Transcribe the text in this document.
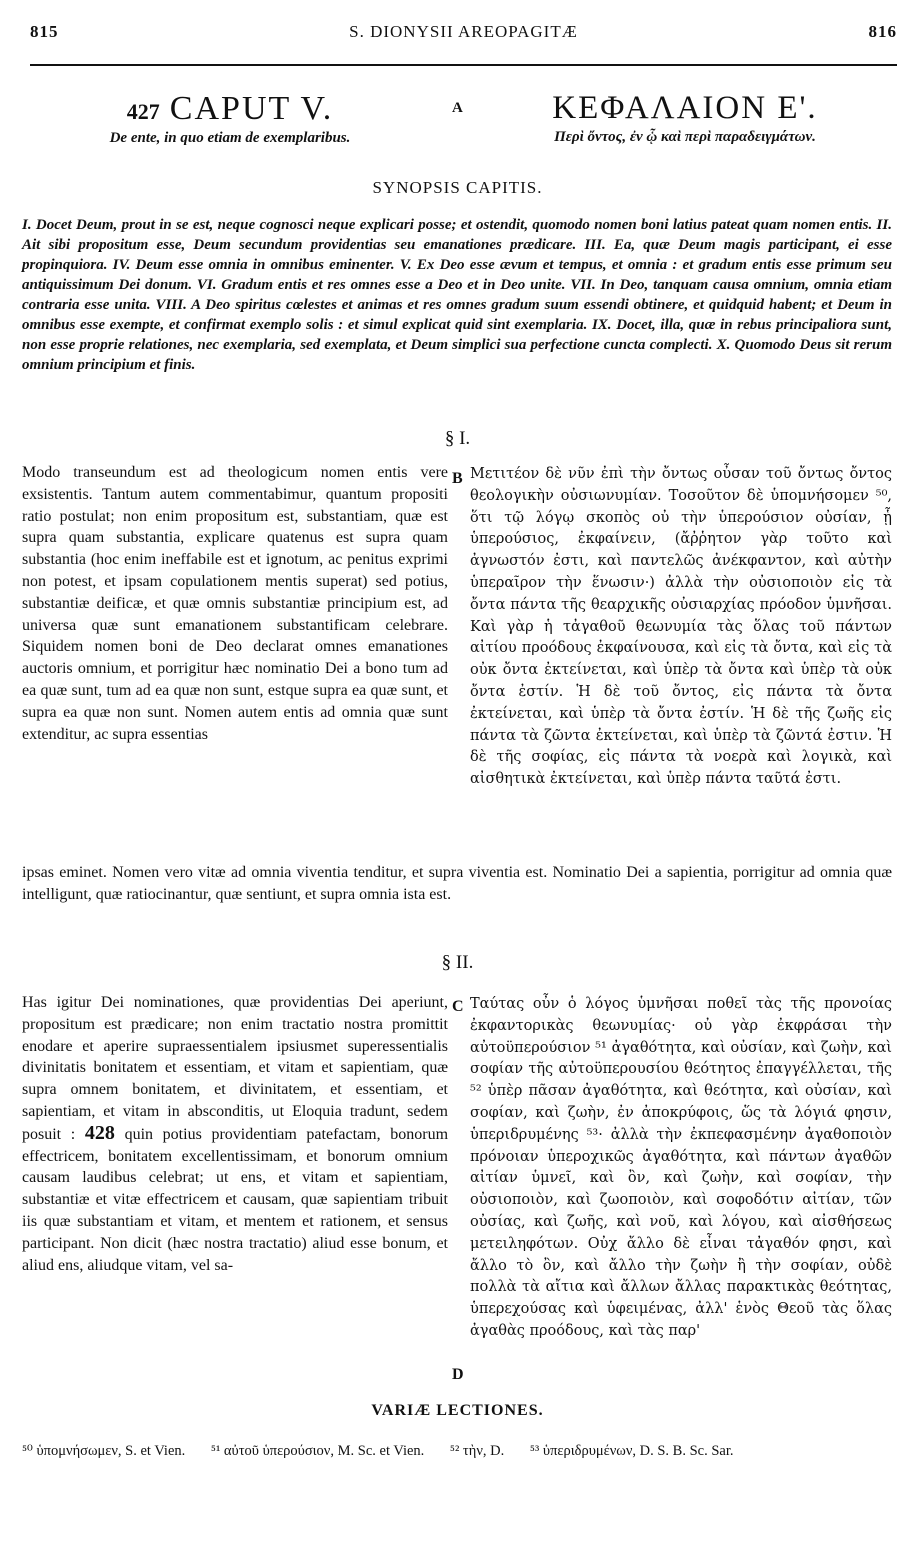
815	S. DIONYSII AREOPAGITÆ	816
427 CAPUT V.
De ente, in quo etiam de exemplaribus.
A	ΚΕΦΑΛΑΙΟΝ Ε'.
Περὶ ὄντος, ἐν ᾧ καὶ περὶ παραδειγμάτων.
SYNOPSIS CAPITIS.
I. Docet Deum, prout in se est, neque cognosci neque explicari posse; et ostendit, quomodo nomen boni latius pateat quam nomen entis. II. Ait sibi propositum esse, Deum secundum providentias seu emanationes prædicare. III. Ea, quæ Deum magis participant, ei esse propinquiora. IV. Deum esse omnia in omnibus eminenter. V. Ex Deo esse ævum et tempus, et omnia : et gradum entis esse primum seu antiquissimum Dei donum. VI. Gradum entis et res omnes esse a Deo et in Deo unite. VII. In Deo, tanquam causa omnium, omnia etiam contraria esse unita. VIII. A Deo spiritus cœlestes et animas et res omnes gradum suum essendi obtinere, et quidquid habent; et Deum in omnibus esse exempte, et confirmat exemplo solis : et simul explicat quid sint exemplaria. IX. Docet, illa, quæ in rebus principaliora sunt, non esse proprie relationes, nec exemplaria, sed exemplata, et Deum simplici sua perfectione cuncta complecti. X. Quomodo Deus sit rerum omnium principium et finis.
§ I.
Modo transeundum est ad theologicum nomen entis vere exsistentis. Tantum autem commentabimur, quantum propositi ratio postulat; non enim propositum est, substantiam, quæ est supra quam substantia, explicare quatenus est supra quam substantia (hoc enim ineffabile est et ignotum, ac penitus exprimi non potest, et ipsam copulationem mentis superat) sed potius, substantiæ deificæ, et quæ omnis substantiæ principium est, ad universa quæ sunt emanationem substantificam celebrare. Siquidem nomen boni de Deo declarat omnes emanationes auctoris omnium, et porrigitur hæc nominatio Dei a bono tum ad ea quæ sunt, tum ad ea quæ non sunt, estque supra ea quæ sunt, et supra ea quæ non sunt. Nomen autem entis ad omnia quæ sunt extenditur, ac supra essentias
B Μετιτέον δὲ νῦν ἐπὶ τὴν ὄντως οὖσαν τοῦ ὄντως ὄντος θεολογικὴν οὐσιωνυμίαν. Τοσοῦτον δὲ ὑπομνήσομεν ⁵⁰, ὅτι τῷ λόγῳ σκοπὸς οὐ τὴν ὑπερούσιον οὐσίαν, ᾗ ὑπερούσιος, ἐκφαίνειν, (ἄῤῥητον γὰρ τοῦτο καὶ ἀγνωστόν ἐστι, καὶ παντελῶς ἀνέκφαντον, καὶ αὐτὴν ὑπεραῖρον τὴν ἕνωσιν·) ἀλλὰ τὴν οὐσιοποιὸν εἰς τὰ ὄντα πάντα τῆς θεαρχικῆς οὐσιαρχίας πρόοδον ὑμνῆσαι. Καὶ γὰρ ἡ τἀγαθοῦ θεωνυμία τὰς ὅλας τοῦ πάντων αἰτίου προόδους ἐκφαίνουσα, καὶ εἰς τὰ ὄντα, καὶ εἰς τὰ οὐκ ὄντα ἐκτείνεται, καὶ ὑπὲρ τὰ ὄντα καὶ ὑπὲρ τὰ οὐκ ὄντα ἐστίν. Ἡ δὲ τοῦ ὄντος, εἰς πάντα τὰ ὄντα ἐκτείνεται, καὶ ὑπὲρ τὰ ὄντα ἐστίν. Ἡ δὲ τῆς ζωῆς εἰς πάντα τὰ ζῶντα ἐκτείνεται, καὶ ὑπὲρ τὰ ζῶντά ἐστιν. Ἡ δὲ τῆς σοφίας, εἰς πάντα τὰ νοερὰ καὶ λογικὰ, καὶ αἰσθητικὰ ἐκτείνεται, καὶ ὑπὲρ πάντα ταῦτά ἐστι.
ipsas eminet. Nomen vero vitæ ad omnia viventia tenditur, et supra viventia est. Nominatio Dei a sapientia, porrigitur ad omnia quæ intelligunt, quæ ratiocinantur, quæ sentiunt, et supra omnia ista est.
§ II.
Has igitur Dei nominationes, quæ providentias Dei aperiunt, propositum est prædicare; non enim tractatio nostra promittit enodare et aperire supraessentialem ipsiusmet superessentialis divinitatis bonitatem et essentiam, et vitam et sapientiam, quæ supra omnem bonitatem, et divinitatem, et essentiam, et sapientiam, et vitam in absconditis, ut Eloquia tradunt, sedem posuit : 428 quin potius providentiam patefactam, bonorum effectricem, bonitatem excellentissimam, et bonorum omnium causam laudibus celebrat; ut ens, et vitam et sapientiam, substantiæ et vitæ effectricem et causam, quæ sapientiam tribuit iis quæ substantiam et vitam, et mentem et rationem, et sensus participant. Non dicit (hæc nostra tractatio) aliud esse bonum, et aliud ens, aliudque vitam, vel sa-
C Ταύτας οὖν ὁ λόγος ὑμνῆσαι ποθεῖ τὰς τῆς προνοίας ἐκφαντορικὰς θεωνυμίας· οὐ γὰρ ἐκφράσαι τὴν αὐτοϋπερούσιον ⁵¹ ἀγαθότητα, καὶ οὐσίαν, καὶ ζωὴν, καὶ σοφίαν τῆς αὐτοϋπερουσίου θεότητος ἐπαγγέλλεται, τῆς ⁵² ὑπὲρ πᾶσαν ἀγαθότητα, καὶ θεότητα, καὶ οὐσίαν, καὶ σοφίαν, καὶ ζωὴν, ἐν ἀποκρύφοις, ὥς τὰ λόγιά φησιν, ὑπεριδρυμένης ⁵³· ἀλλὰ τὴν ἐκπεφασμένην ἀγαθοποιὸν πρόνοιαν ὑπεροχικῶς ἀγαθότητα, καὶ πάντων ἀγαθῶν αἰτίαν ὑμνεῖ, καὶ ὂν, καὶ ζωὴν, καὶ σοφίαν, τὴν οὐσιοποιὸν, καὶ ζωοποιὸν, καὶ σοφοδότιν αἰτίαν, τῶν οὐσίας, καὶ ζωῆς, καὶ νοῦ, καὶ λόγου, καὶ αἰσθήσεως μετειληφότων. Οὐχ ἄλλο δὲ εἶναι τἀγαθόν φησι, καὶ ἄλλο τὸ ὂν, καὶ ἄλλο τὴν ζωὴν ἢ τὴν σοφίαν, οὐδὲ πολλὰ τὰ αἴτια καὶ ἄλλων ἄλλας παρακτικὰς θεότητας, ὑπερεχούσας καὶ ὑφειμένας, ἀλλ' ἑνὸς Θεοῦ τὰς ὅλας ἀγαθὰς προόδους, καὶ τὰς παρ'
D
VARIÆ LECTIONES.
⁵⁰ ὑπομνήσωμεν, S. et Vien. ⁵¹ αὐτοῦ ὑπερούσιον, M. Sc. et Vien. ⁵² τὴν, D. ⁵³ ὑπεριδρυμένων, D. S. B. Sc. Sar.
